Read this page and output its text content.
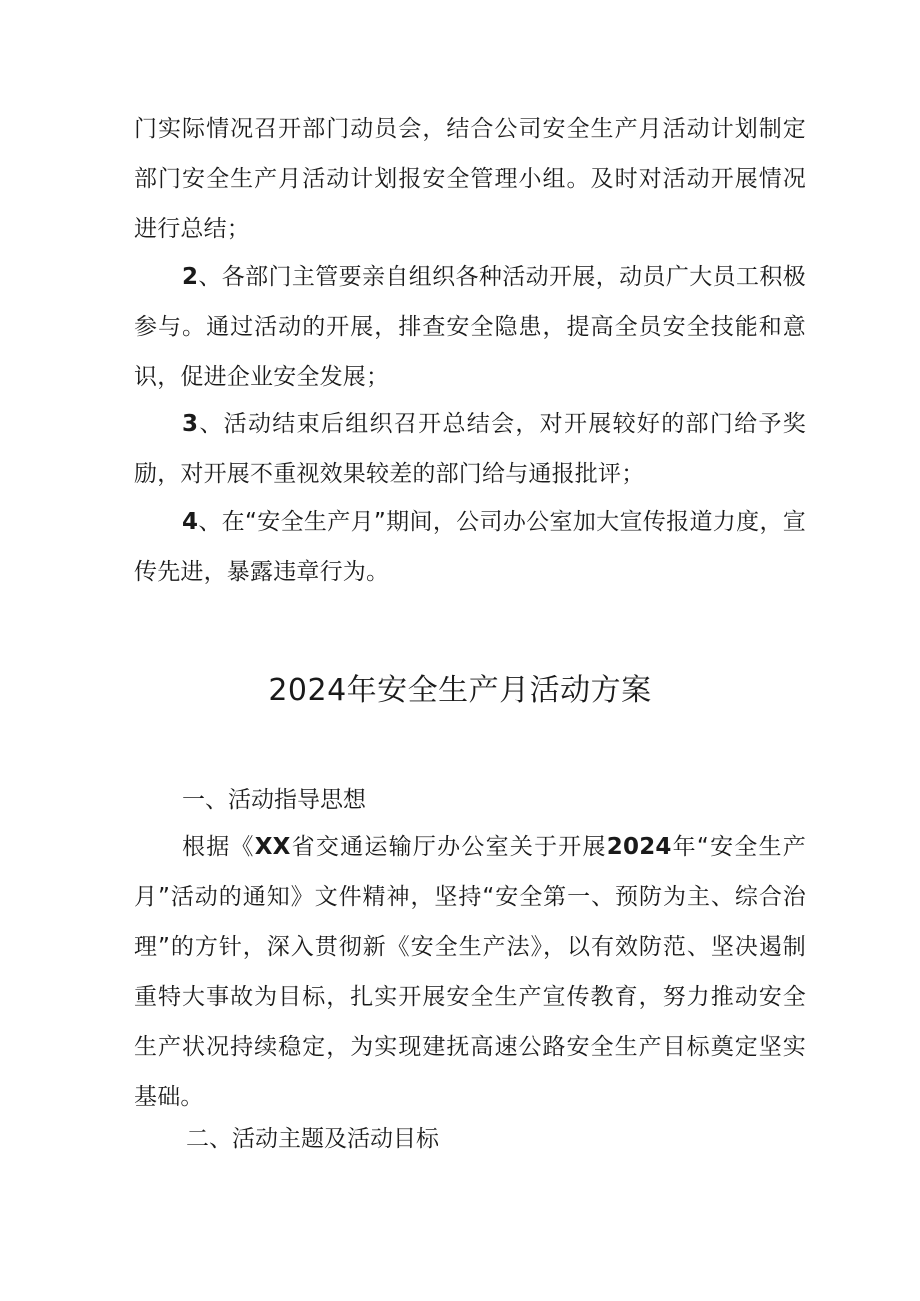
门实际情况召开部门动员会，结合公司安全生产月活动计划制定部门安全生产月活动计划报安全管理小组。及时对活动开展情况进行总结；

2、各部门主管要亲自组织各种活动开展，动员广大员工积极参与。通过活动的开展，排查安全隐患，提高全员安全技能和意识，促进企业安全发展；

3、活动结束后组织召开总结会，对开展较好的部门给予奖励，对开展不重视效果较差的部门给与通报批评；

4、在“安全生产月”期间，公司办公室加大宣传报道力度，宣传先进，暴露违章行为。

2024年安全生产月活动方案
一、活动指导思想

根据《XX省交通运输厅办公室关于开展2024年“安全生产月”活动的通知》文件精神，坚持“安全第一、预防为主、综合治理”的方针，深入贯彻新《安全生产法》，以有效防范、坚决遏制重特大事故为目标，扎实开展安全生产宣传教育，努力推动安全生产状况持续稳定，为实现建抚高速公路安全生产目标奠定坚实基础。

二、活动主题及活动目标
